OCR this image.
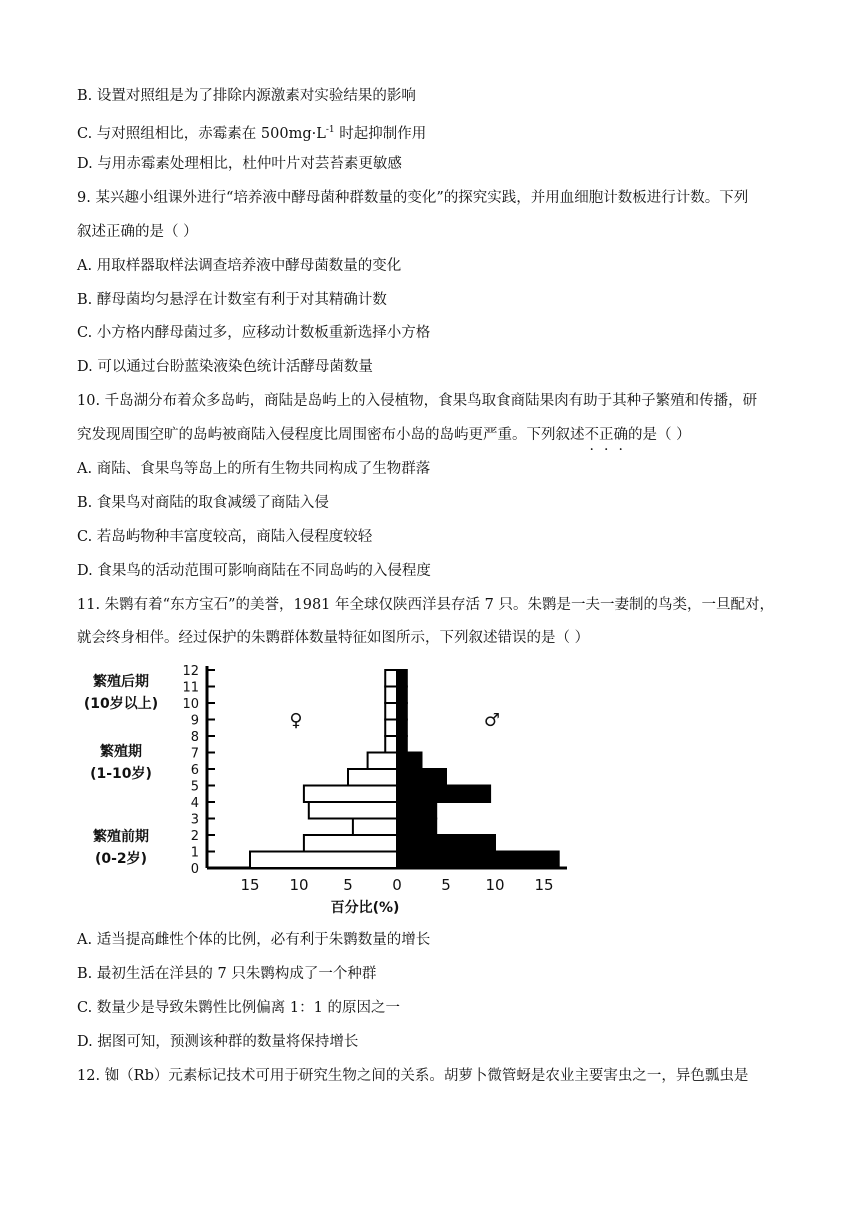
B. 设置对照组是为了排除内源激素对实验结果的影响
C. 与对照组相比，赤霉素在 $500mg\cdot L^{-1}$ 时起抑制作用
D. 与用赤霉素处理相比，杜仲叶片对芸苔素更敏感
9. 某兴趣小组课外进行“培养液中酵母菌种群数量的变化”的探究实践，并用血细胞计数板进行计数。下列
叙述正确的是（ ）
A. 用取样器取样法调查培养液中酵母菌数量的变化
B. 酵母菌均匀悬浮在计数室有利于对其精确计数
C. 小方格内酵母菌过多，应移动计数板重新选择小方格
D. 可以通过台盼蓝染液染色统计活酵母菌数量
10. 千岛湖分布着众多岛屿，商陆是岛屿上的入侵植物，食果鸟取食商陆果肉有助于其种子繁殖和传播，研
究发现周围空旷的岛屿被商陆入侵程度比周围密布小岛的岛屿更严重。下列叙述不正确的是（ ）
A. 商陆、食果鸟等岛上的所有生物共同构成了生物群落
B. 食果鸟对商陆的取食减缓了商陆入侵
C. 若岛屿物种丰富度较高，商陆入侵程度较轻
D. 食果鸟的活动范围可影响商陆在不同岛屿的入侵程度
11. 朱鹮有着“东方宝石”的美誉，1981 年全球仅陕西洋县存活 7 只。朱鹮是一夫一妻制的鸟类，一旦配对，
就会终身相伴。经过保护的朱鹮群体数量特征如图所示，下列叙述错误的是（ ）
繁殖后期
(10岁以上)
繁殖期
(1-10岁)
繁殖前期
(0-2岁)
0
1
2
3
4
5
6
7
8
9
10
11
12
15 10 5	0	5 10 15
♀	♂
百分比(%)
A. 适当提高雌性个体的比例，必有利于朱鹮数量的增长
B. 最初生活在洋县的 7 只朱鹮构成了一个种群
C. 数量少是导致朱鹮性比例偏离 1：1 的原因之一
D. 据图可知，预测该种群的数量将保持增长
12. 铷（Rb）元素标记技术可用于研究生物之间的关系。胡萝卜微管蚜是农业主要害虫之一，异色瓢虫是
